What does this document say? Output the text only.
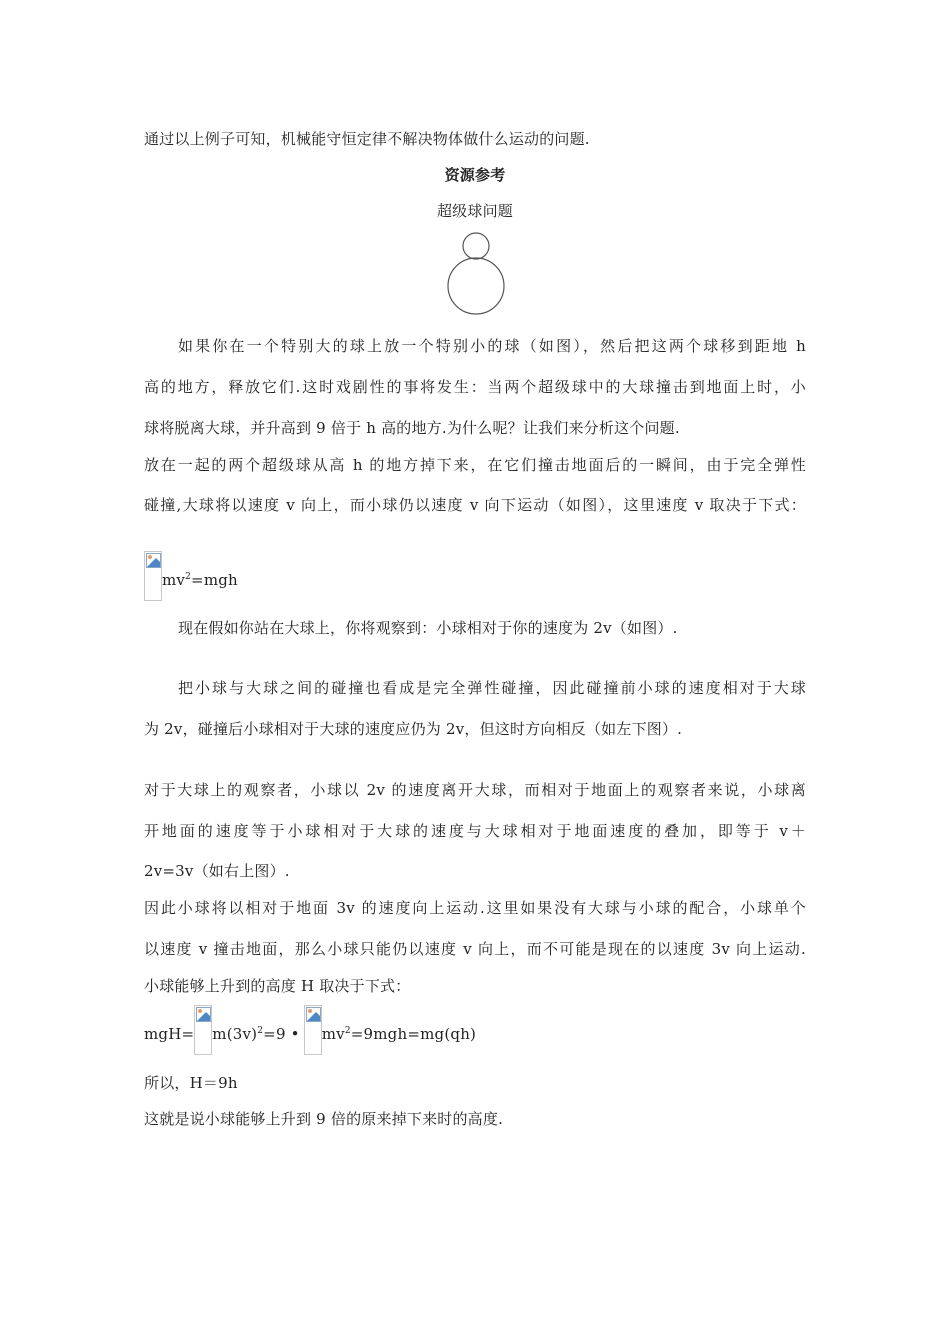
通过以上例子可知，机械能守恒定律不解决物体做什么运动的问题.
资源参考
超级球问题
如果你在一个特别大的球上放一个特别小的球（如图），然后把这两个球移到距地 h
高的地方，释放它们.这时戏剧性的事将发生：当两个超级球中的大球撞击到地面上时，小
球将脱离大球，并升高到 9 倍于 h 高的地方.为什么呢？让我们来分析这个问题.
放在一起的两个超级球从高 h 的地方掉下来，在它们撞击地面后的一瞬间，由于完全弹性
碰撞,大球将以速度 v 向上，而小球仍以速度 v 向下运动（如图），这里速度 v 取决于下式：
$mv^2=mgh$
现在假如你站在大球上，你将观察到：小球相对于你的速度为 2v（如图）.
把小球与大球之间的碰撞也看成是完全弹性碰撞，因此碰撞前小球的速度相对于大球
为 2v，碰撞后小球相对于大球的速度应仍为 2v，但这时方向相反（如左下图）.
对于大球上的观察者，小球以 2v 的速度离开大球，而相对于地面上的观察者来说，小球离
开地面的速度等于小球相对于大球的速度与大球相对于地面速度的叠加，即等于 v＋
2v=3v（如右上图）.
因此小球将以相对于地面 3v 的速度向上运动.这里如果没有大球与小球的配合，小球单个
以速度 v 撞击地面，那么小球只能仍以速度 v 向上，而不可能是现在的以速度 3v 向上运动.
小球能够上升到的高度 H 取决于下式：
$mgH= m(3v)^2=9$ • $mv^2=9mgh=mg(qh)$
所以，H＝9h
这就是说小球能够上升到 9 倍的原来掉下来时的高度.
